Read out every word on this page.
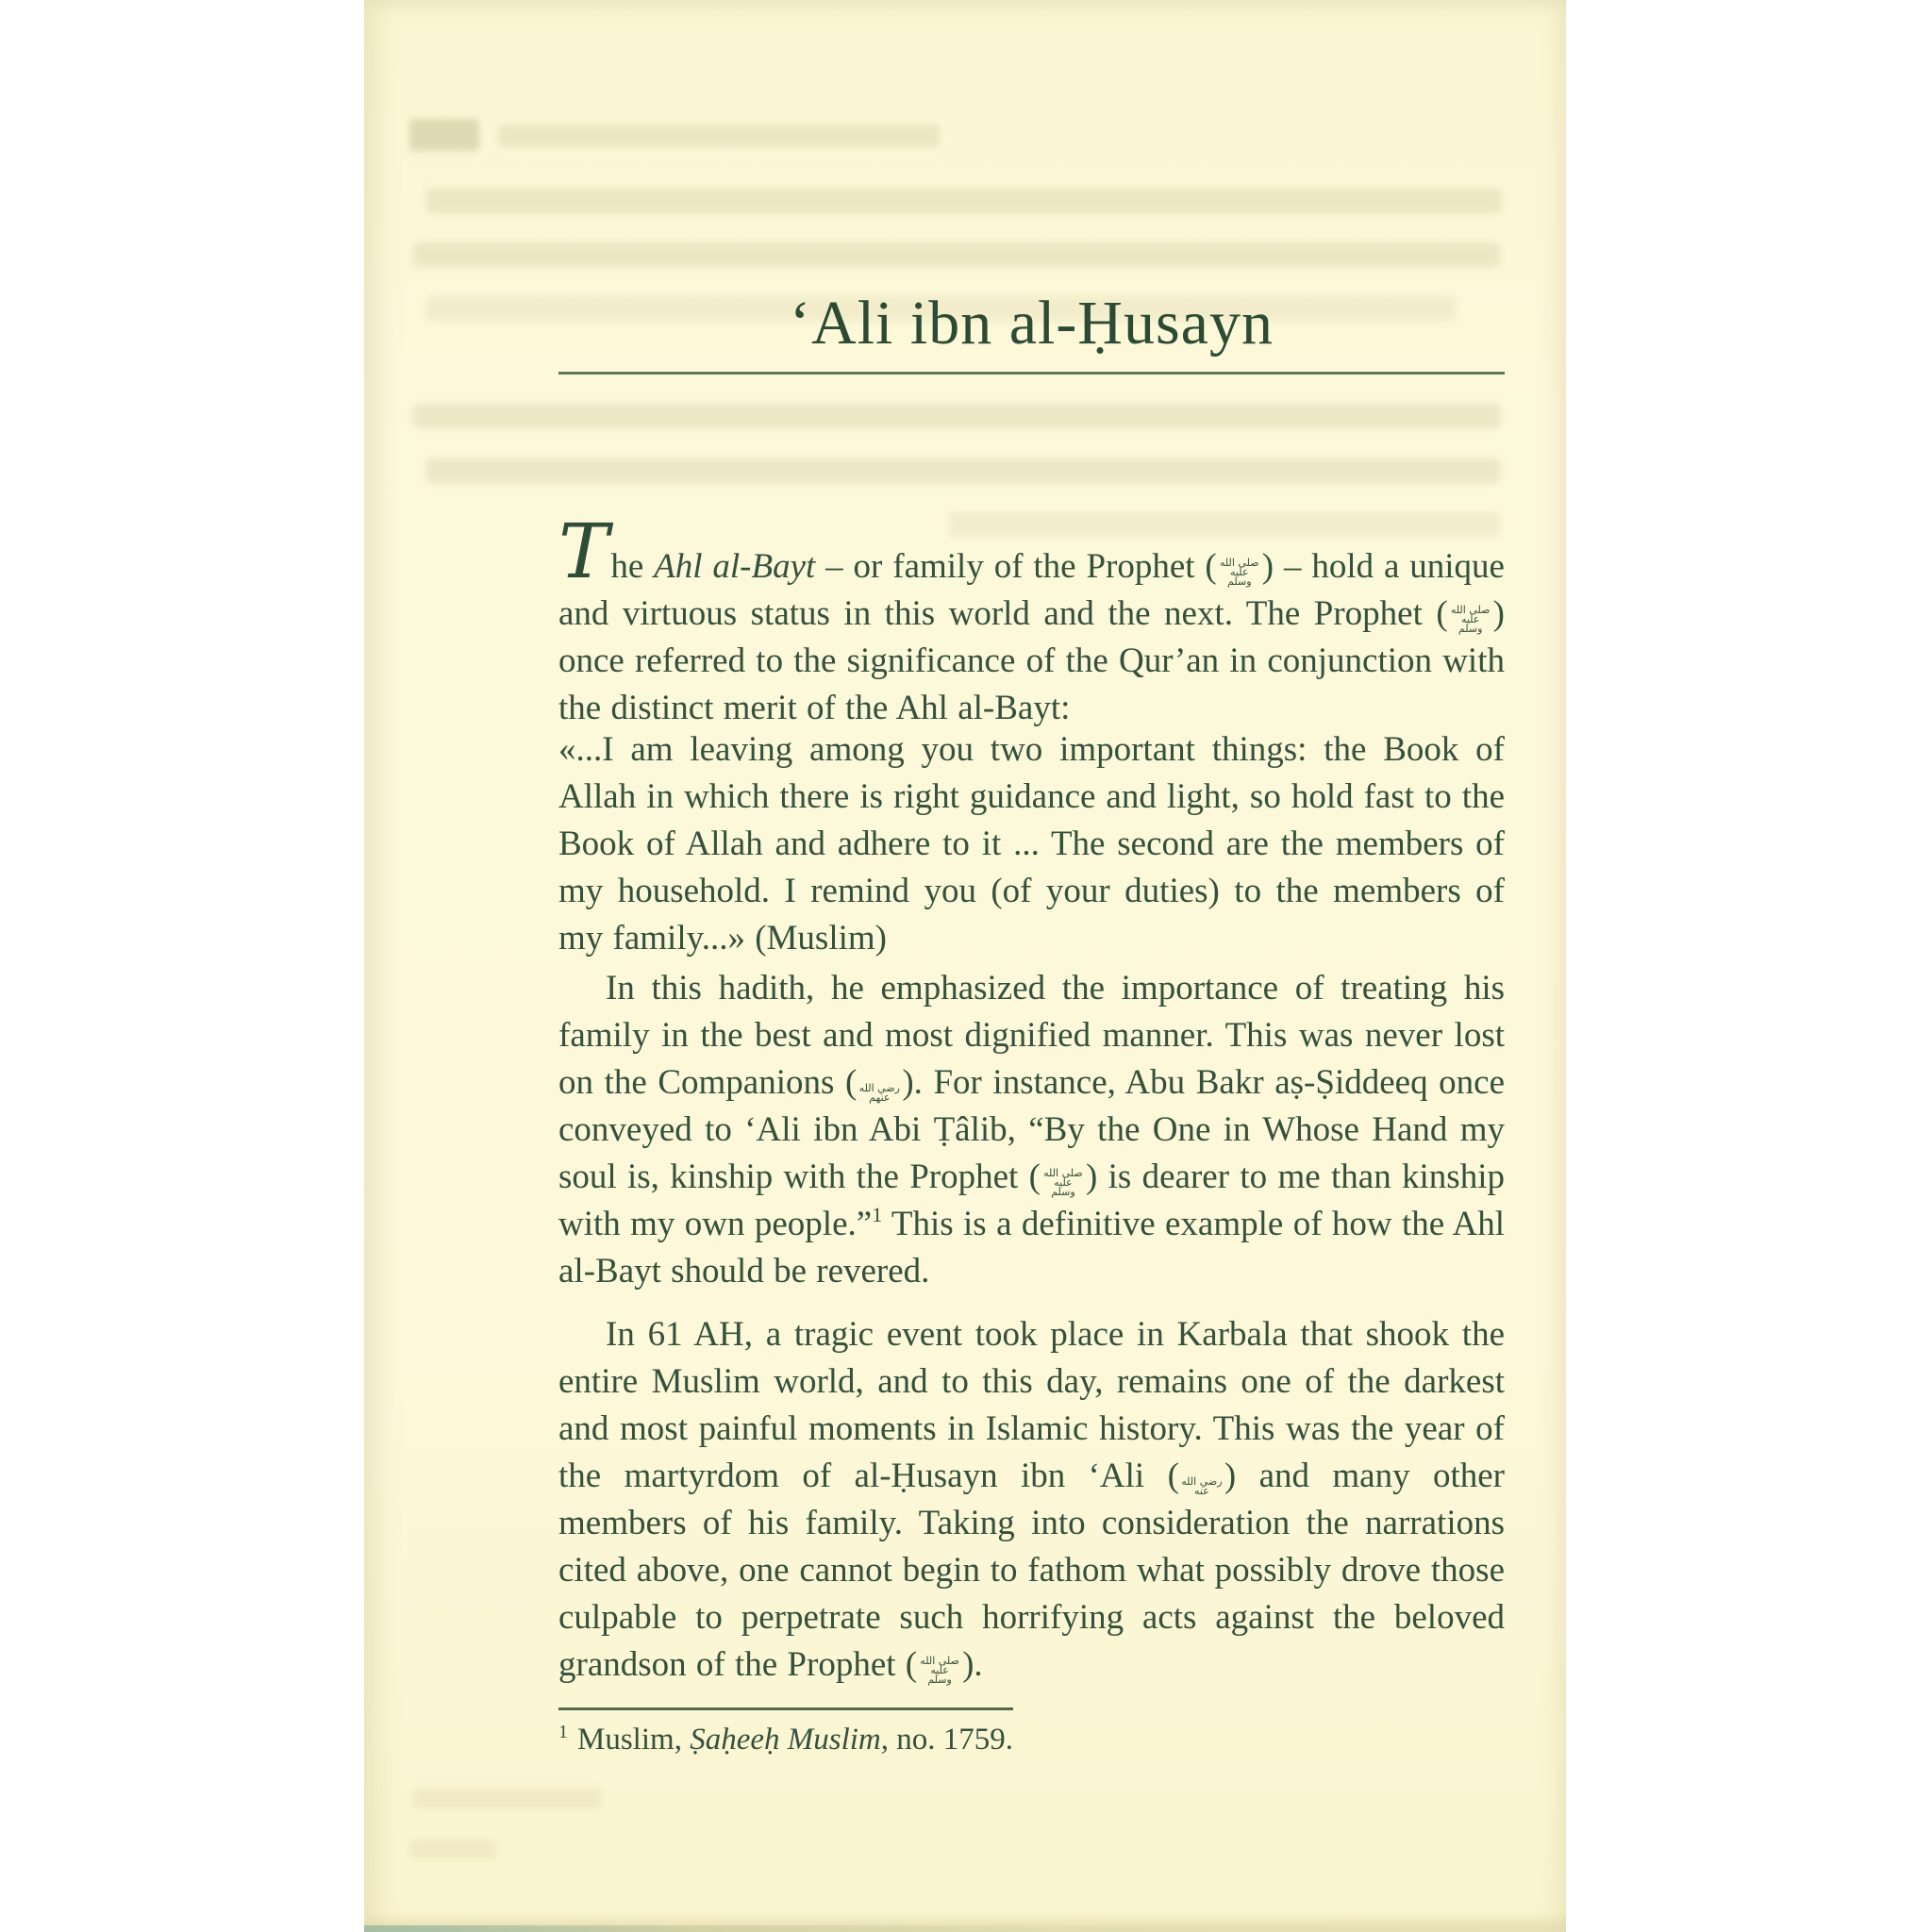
‘Ali ibn al-Ḥusayn

The Ahl al-Bayt – or family of the Prophet ( صلى الله عليه وسلم ) – hold a unique and virtuous status in this world and the next. The Prophet ( صلى الله عليه وسلم ) once referred to the significance of the Qur’an in conjunction with the distinct merit of the Ahl al-Bayt:

«...I am leaving among you two important things: the Book of Allah in which there is right guidance and light, so hold fast to the Book of Allah and adhere to it ... The second are the members of my household. I remind you (of your duties) to the members of my family...» (Muslim)

In this hadith, he emphasized the importance of treating his family in the best and most dignified manner. This was never lost on the Companions ( رضي الله عنهم ). For instance, Abu Bakr aṣ-Ṣiddeeq once conveyed to ‘Ali ibn Abi Ṭâlib, “By the One in Whose Hand my soul is, kinship with the Prophet ( صلى الله عليه وسلم ) is dearer to me than kinship with my own people.”$^1$ This is a definitive example of how the Ahl al-Bayt should be revered.

In 61 AH, a tragic event took place in Karbala that shook the entire Muslim world, and to this day, remains one of the darkest and most painful moments in Islamic history. This was the year of the martyrdom of al-Ḥusayn ibn ‘Ali ( رضي الله عنه ) and many other members of his family. Taking into consideration the narrations cited above, one cannot begin to fathom what possibly drove those culpable to perpetrate such horrifying acts against the beloved grandson of the Prophet ( صلى الله عليه وسلم ).

$^1$ Muslim, Ṣaḥeeḥ Muslim, no. 1759.
